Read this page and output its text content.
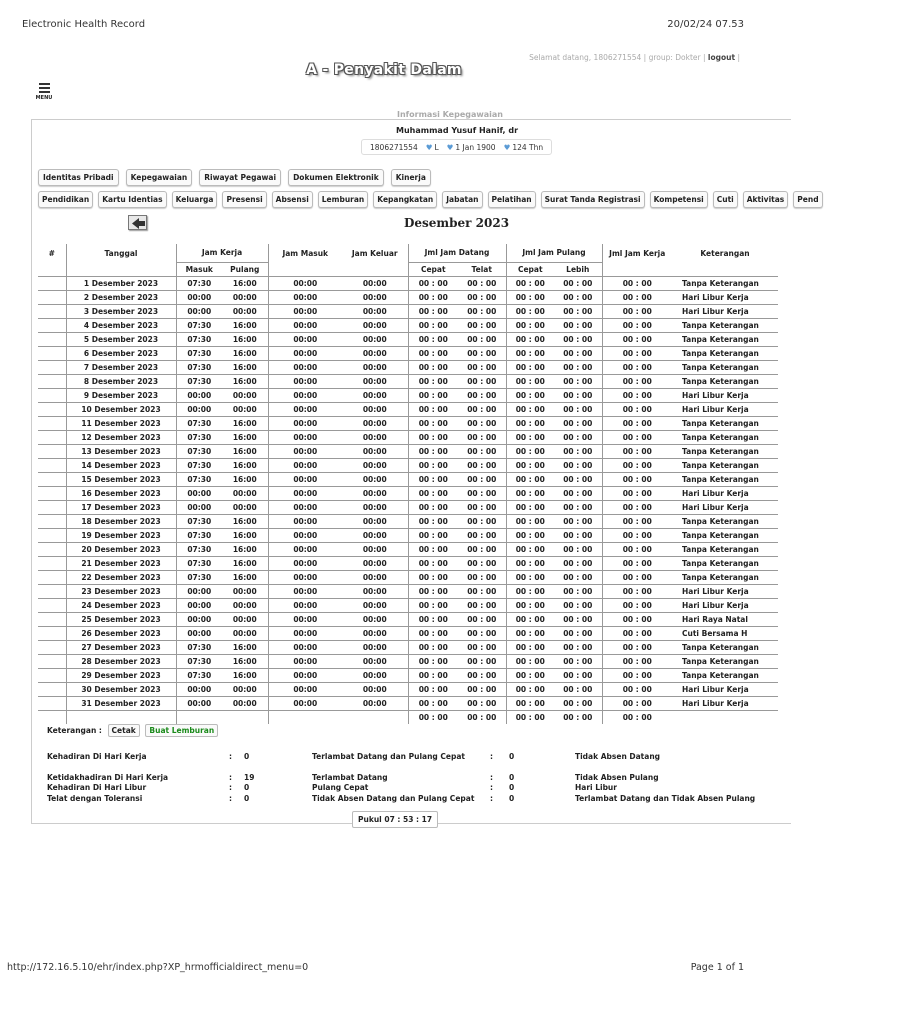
Electronic Health Record	20/02/24 07.53
Selamat datang, 1806271554 | group: Dokter | logout |
A - Penyakit Dalam
MENU
Informasi Kepegawaian
Muhammad Yusuf Hanif, dr
1806271554 ♥ L ♥ 1 Jan 1900 ♥ 124 Thn
Identitas Pribadi Kepegawaian Riwayat Pegawai Dokumen Elektronik Kinerja
Pendidikan Kartu Identias Keluarga Presensi Absensi Lemburan Kepangkatan Jabatan Pelatihan Surat Tanda Registrasi Kompetensi Cuti Aktivitas Pend
Desember 2023
#	Tanggal	Jam Kerja		Jam Masuk	Jam Keluar	Jml Jam Datang		Jml Jam Pulang		Jml Jam Kerja	Keterangan
		Masuk	Pulang			Cepat	Telat	Cepat	Lebih		
	1 Desember 2023	07:30	16:00	00:00	00:00	00 : 00	00 : 00	00 : 00	00 : 00	00 : 00	Tanpa Keterangan
	2 Desember 2023	00:00	00:00	00:00	00:00	00 : 00	00 : 00	00 : 00	00 : 00	00 : 00	Hari Libur Kerja
	3 Desember 2023	00:00	00:00	00:00	00:00	00 : 00	00 : 00	00 : 00	00 : 00	00 : 00	Hari Libur Kerja
	4 Desember 2023	07:30	16:00	00:00	00:00	00 : 00	00 : 00	00 : 00	00 : 00	00 : 00	Tanpa Keterangan
	5 Desember 2023	07:30	16:00	00:00	00:00	00 : 00	00 : 00	00 : 00	00 : 00	00 : 00	Tanpa Keterangan
	6 Desember 2023	07:30	16:00	00:00	00:00	00 : 00	00 : 00	00 : 00	00 : 00	00 : 00	Tanpa Keterangan
	7 Desember 2023	07:30	16:00	00:00	00:00	00 : 00	00 : 00	00 : 00	00 : 00	00 : 00	Tanpa Keterangan
	8 Desember 2023	07:30	16:00	00:00	00:00	00 : 00	00 : 00	00 : 00	00 : 00	00 : 00	Tanpa Keterangan
	9 Desember 2023	00:00	00:00	00:00	00:00	00 : 00	00 : 00	00 : 00	00 : 00	00 : 00	Hari Libur Kerja
	10 Desember 2023	00:00	00:00	00:00	00:00	00 : 00	00 : 00	00 : 00	00 : 00	00 : 00	Hari Libur Kerja
	11 Desember 2023	07:30	16:00	00:00	00:00	00 : 00	00 : 00	00 : 00	00 : 00	00 : 00	Tanpa Keterangan
	12 Desember 2023	07:30	16:00	00:00	00:00	00 : 00	00 : 00	00 : 00	00 : 00	00 : 00	Tanpa Keterangan
	13 Desember 2023	07:30	16:00	00:00	00:00	00 : 00	00 : 00	00 : 00	00 : 00	00 : 00	Tanpa Keterangan
	14 Desember 2023	07:30	16:00	00:00	00:00	00 : 00	00 : 00	00 : 00	00 : 00	00 : 00	Tanpa Keterangan
	15 Desember 2023	07:30	16:00	00:00	00:00	00 : 00	00 : 00	00 : 00	00 : 00	00 : 00	Tanpa Keterangan
	16 Desember 2023	00:00	00:00	00:00	00:00	00 : 00	00 : 00	00 : 00	00 : 00	00 : 00	Hari Libur Kerja
	17 Desember 2023	00:00	00:00	00:00	00:00	00 : 00	00 : 00	00 : 00	00 : 00	00 : 00	Hari Libur Kerja
	18 Desember 2023	07:30	16:00	00:00	00:00	00 : 00	00 : 00	00 : 00	00 : 00	00 : 00	Tanpa Keterangan
	19 Desember 2023	07:30	16:00	00:00	00:00	00 : 00	00 : 00	00 : 00	00 : 00	00 : 00	Tanpa Keterangan
	20 Desember 2023	07:30	16:00	00:00	00:00	00 : 00	00 : 00	00 : 00	00 : 00	00 : 00	Tanpa Keterangan
	21 Desember 2023	07:30	16:00	00:00	00:00	00 : 00	00 : 00	00 : 00	00 : 00	00 : 00	Tanpa Keterangan
	22 Desember 2023	07:30	16:00	00:00	00:00	00 : 00	00 : 00	00 : 00	00 : 00	00 : 00	Tanpa Keterangan
	23 Desember 2023	00:00	00:00	00:00	00:00	00 : 00	00 : 00	00 : 00	00 : 00	00 : 00	Hari Libur Kerja
	24 Desember 2023	00:00	00:00	00:00	00:00	00 : 00	00 : 00	00 : 00	00 : 00	00 : 00	Hari Libur Kerja
	25 Desember 2023	00:00	00:00	00:00	00:00	00 : 00	00 : 00	00 : 00	00 : 00	00 : 00	Hari Raya Natal
	26 Desember 2023	00:00	00:00	00:00	00:00	00 : 00	00 : 00	00 : 00	00 : 00	00 : 00	Cuti Bersama H
	27 Desember 2023	07:30	16:00	00:00	00:00	00 : 00	00 : 00	00 : 00	00 : 00	00 : 00	Tanpa Keterangan
	28 Desember 2023	07:30	16:00	00:00	00:00	00 : 00	00 : 00	00 : 00	00 : 00	00 : 00	Tanpa Keterangan
	29 Desember 2023	07:30	16:00	00:00	00:00	00 : 00	00 : 00	00 : 00	00 : 00	00 : 00	Tanpa Keterangan
	30 Desember 2023	00:00	00:00	00:00	00:00	00 : 00	00 : 00	00 : 00	00 : 00	00 : 00	Hari Libur Kerja
	31 Desember 2023	00:00	00:00	00:00	00:00	00 : 00	00 : 00	00 : 00	00 : 00	00 : 00	Hari Libur Kerja
						00 : 00	00 : 00	00 : 00	00 : 00	00 : 00	
Keterangan : Cetak Buat Lemburan
Kehadiran Di Hari Kerja	: 0	Terlambat Datang dan Pulang Cepat	: 0	Tidak Absen Datang
Ketidakhadiran Di Hari Kerja	: 19	Terlambat Datang	: 0	Tidak Absen Pulang
Kehadiran Di Hari Libur	: 0	Pulang Cepat	: 0	Hari Libur
Telat dengan Toleransi	: 0	Tidak Absen Datang dan Pulang Cepat : 0	Terlambat Datang dan Tidak Absen Pulang
Pukul 07 : 53 : 17
http://172.16.5.10/ehr/index.php?XP_hrmofficialdirect_menu=0	Page 1 of 1
